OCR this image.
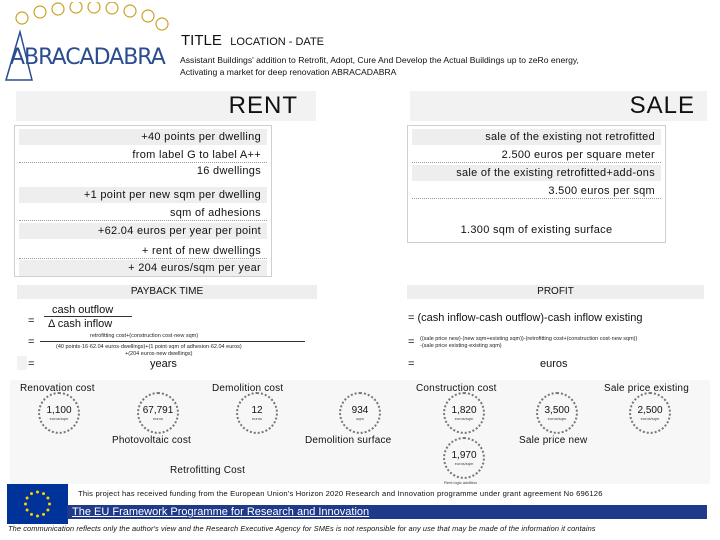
ABRACADABRA
TITLE LOCATION - DATE
Assistant Buildings' addition to Retrofit, Adopt, Cure And Develop the Actual Buildings up to zeRo energy,
Activating a market for deep renovation ABRACADABRA
RENT
+40 points per dwelling
from label G to label A++
16 dwellings
+1 point per new sqm per dwelling
sqm of adhesions
+62.04 euros per year per point
+ rent of new dwellings
+ 204 euros/sqm per year
SALE
sale of the existing not retrofitted
2.500 euros per square meter
sale of the existing retrofitted+add-ons
3.500 euros per sqm
1.300 sqm of existing surface
PAYBACK TIME
=
cash outflow
Δ cash inflow
=	retrofitting cost+(construction cost·new sqm)
(40 points·16·62.04 euros·dwellings)+(1 point·sqm of adhesion·62.04 euros)
+(204 euros·new dwellings)
=	years
PROFIT
= (cash inflow-cash outflow)-cash inflow existing
= ((sale price new)·(new sqm+existing sqm))-(retrofitting cost+(construction cost·new sqm))
-(sale price existing·existing sqm)
=	euros
Renovation cost	Demolition cost	Construction cost	Sale price existing
1,100
euros/sqm
67,791
euros
12
euros
934
sqm
1,820
euros/sqm
3,500
euros/sqm
2,500
euros/sqm
Photovoltaic cost	Demolition surface	Sale price new
1,970
euros/sqm
Rent logic addition
Retrofitting Cost
This project has received funding from the European Union's Horizon 2020 Research and Innovation programme under grant agreement No 696126
The EU Framework Programme for Research and Innovation
The communication reflects only the author's view and the Research Executive Agency for SMEs is not responsible for any use that may be made of the information it contains
